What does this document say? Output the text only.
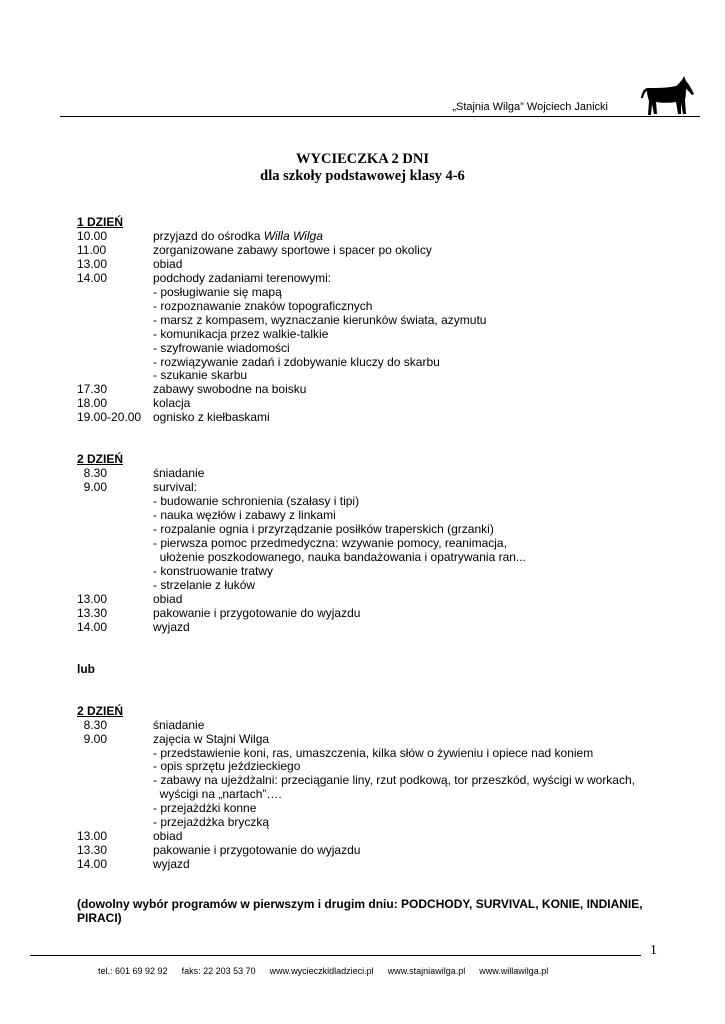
„Stajnia Wilga” Wojciech Janicki
WYCIECZKA 2 DNI
dla szkoły podstawowej klasy 4-6
1 DZIEŃ
10.00	przyjazd do ośrodka Willa Wilga
11.00	zorganizowane zabawy sportowe i spacer po okolicy
13.00	obiad
14.00	podchody zadaniami terenowymi:
- posługiwanie się mapą
- rozpoznawanie znaków topograficznych
- marsz z kompasem, wyznaczanie kierunków świata, azymutu
- komunikacja przez walkie-talkie
- szyfrowanie wiadomości
- rozwiązywanie zadań i zdobywanie kluczy do skarbu
- szukanie skarbu
17.30	zabawy swobodne na boisku
18.00	kolacja
19.00-20.00 ognisko z kiełbaskami
2 DZIEŃ
8.30	śniadanie
9.00	survival:
- budowanie schronienia (szałasy i tipi)
- nauka węzłów i zabawy z linkami
- rozpalanie ognia i przyrządzanie posiłków traperskich (grzanki)
- pierwsza pomoc przedmedyczna: wzywanie pomocy, reanimacja,
ułożenie poszkodowanego, nauka bandażowania i opatrywania ran...
- konstruowanie tratwy
- strzelanie z łuków
13.00	obiad
13.30	pakowanie i przygotowanie do wyjazdu
14.00	wyjazd
lub
2 DZIEŃ
8.30	śniadanie
9.00	zajęcia w Stajni Wilga
- przedstawienie koni, ras, umaszczenia, kilka słów o żywieniu i opiece nad koniem
- opis sprzętu jeździeckiego
- zabawy na ujeżdżalni: przeciąganie liny, rzut podkową, tor przeszkód, wyścigi w workach,
wyścigi na „nartach”….
- przejażdżki konne
- przejażdżka bryczką
13.00	obiad
13.30	pakowanie i przygotowanie do wyjazdu
14.00	wyjazd
(dowolny wybór programów w pierwszym i drugim dniu: PODCHODY, SURVIVAL, KONIE, INDIANIE, PIRACI)
1
tel.: 601 69 92 92 faks: 22 203 53 70 www.wycieczkidladzieci.pl www.stajniawilga.pl www.willawilga.pl
